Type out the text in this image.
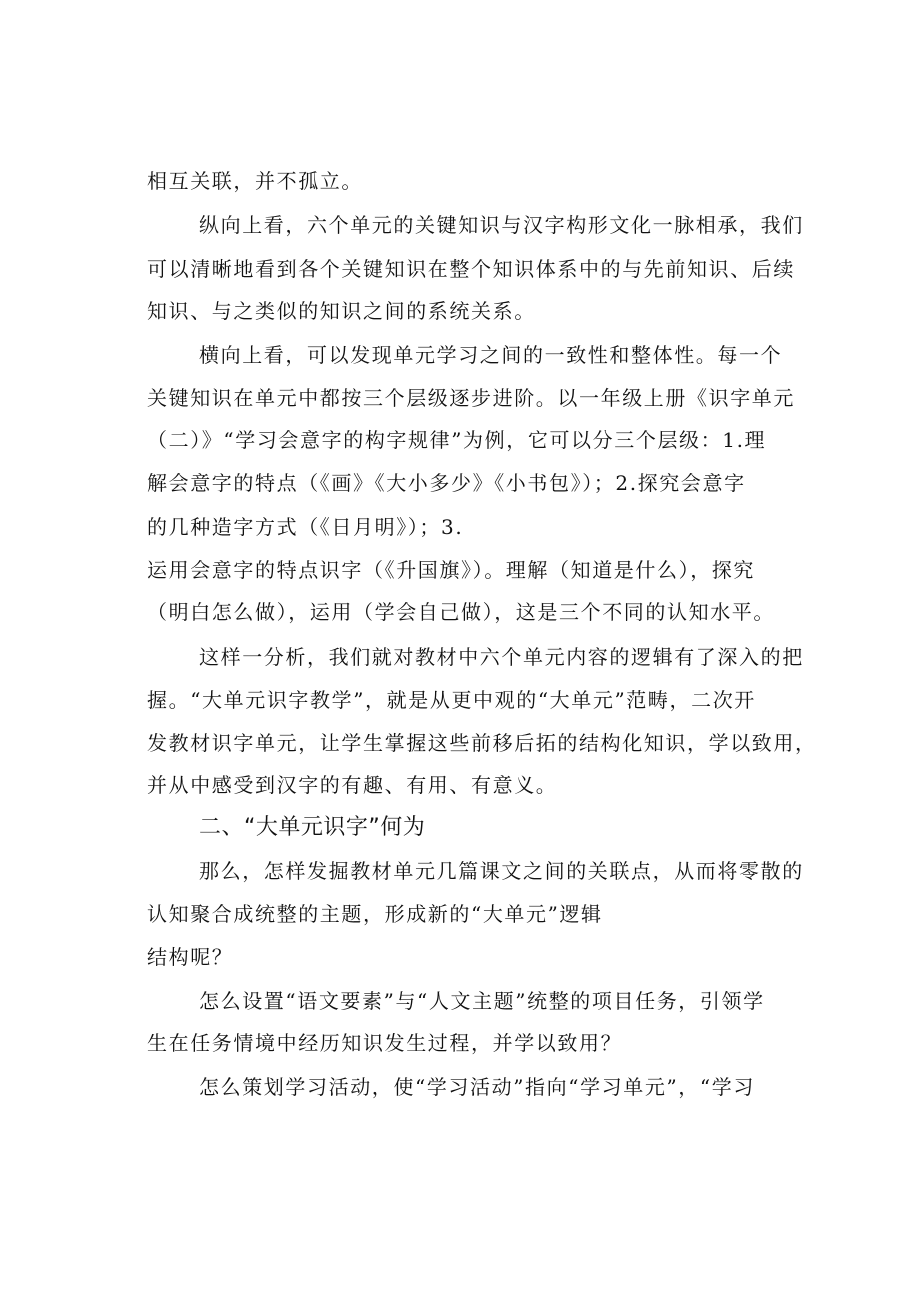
相互关联，并不孤立。
纵向上看，六个单元的关键知识与汉字构形文化一脉相承，我们
可以清晰地看到各个关键知识在整个知识体系中的与先前知识、后续
知识、与之类似的知识之间的系统关系。
横向上看，可以发现单元学习之间的一致性和整体性。每一个
关键知识在单元中都按三个层级逐步进阶。以一年级上册《识字单元
（二）》“学习会意字的构字规律”为例，它可以分三个层级：1.理
解会意字的特点（《画》《大小多少》《小书包》）；2.探究会意字
的几种造字方式（《日月明》）；3.
运用会意字的特点识字（《升国旗》）。理解（知道是什么），探究
（明白怎么做），运用（学会自己做），这是三个不同的认知水平。
这样一分析，我们就对教材中六个单元内容的逻辑有了深入的把
握。“大单元识字教学”，就是从更中观的“大单元”范畴，二次开
发教材识字单元，让学生掌握这些前移后拓的结构化知识，学以致用，
并从中感受到汉字的有趣、有用、有意义。
二、“大单元识字”何为
那么，怎样发掘教材单元几篇课文之间的关联点，从而将零散的
认知聚合成统整的主题，形成新的“大单元”逻辑
结构呢？
怎么设置“语文要素”与“人文主题”统整的项目任务，引领学
生在任务情境中经历知识发生过程，并学以致用？
怎么策划学习活动，使“学习活动”指向“学习单元”，“学习
